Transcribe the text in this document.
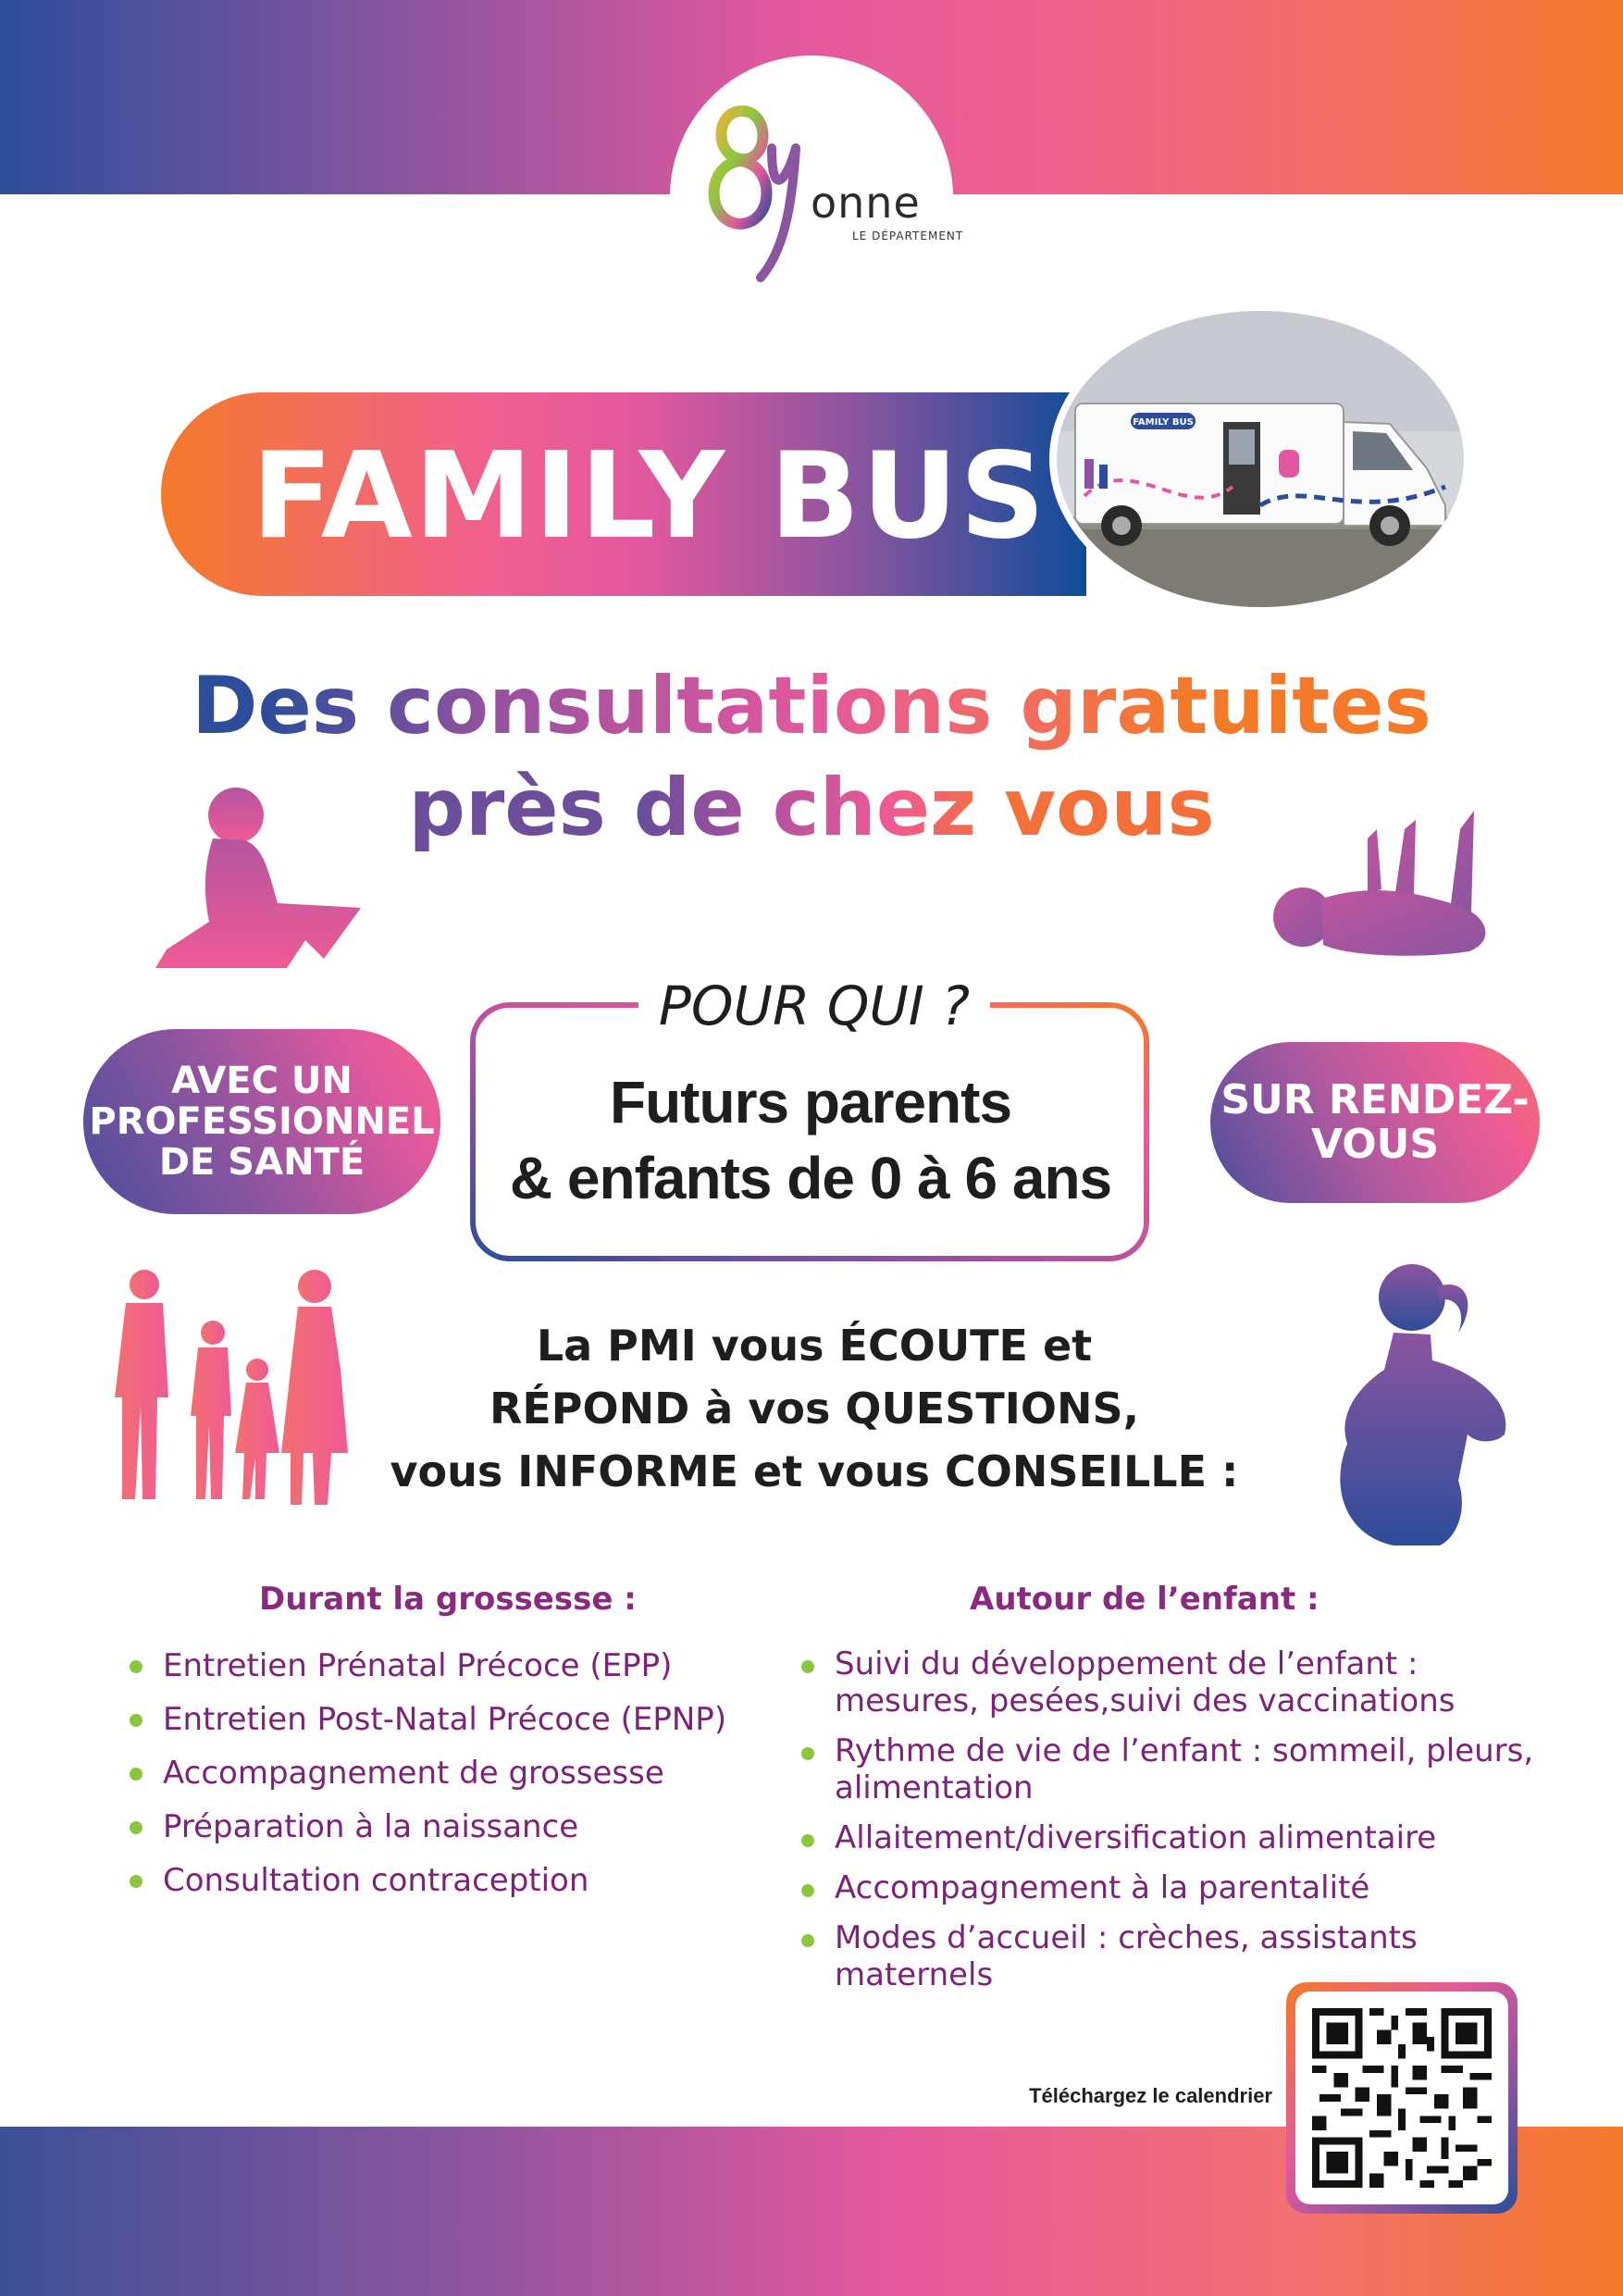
onne
LE DÉPARTEMENT
FAMILY BUS
FAMILY BUS
Des consultations gratuites
près de chez vous
AVEC UN PROFESSIONNEL DE SANTÉ
SUR RENDEZ-VOUS
POUR QUI ?
Futurs parents
& enfants de 0 à 6 ans
La PMI vous ÉCOUTE et
RÉPOND à vos QUESTIONS,
vous INFORME et vous CONSEILLE :
Durant la grossesse :
Entretien Prénatal Précoce (EPP)
Entretien Post-Natal Précoce (EPNP)
Accompagnement de grossesse
Préparation à la naissance
Consultation contraception
Autour de l’enfant :
Suivi du développement de l’enfant : mesures, pesées,suivi des vaccinations
Rythme de vie de l’enfant : sommeil, pleurs, alimentation
Allaitement/diversification alimentaire
Accompagnement à la parentalité
Modes d’accueil : crèches, assistants maternels
Téléchargez le calendrier
